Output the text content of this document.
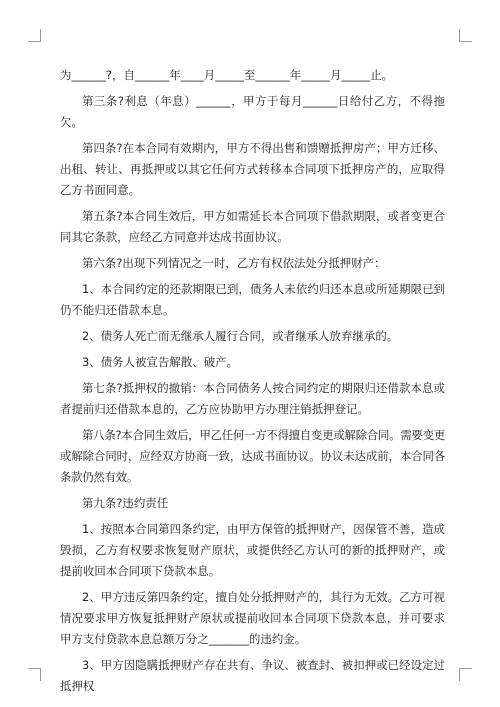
为______?，自______年____月_____至______年_____月_____止。

第三条?利息（年息）______，甲方于每月______日给付乙方，不得拖欠。

第四条?在本合同有效期内，甲方不得出售和馈赠抵押房产；甲方迁移、出租、转让、再抵押或以其它任何方式转移本合同项下抵押房产的，应取得乙方书面同意。

第五条?本合同生效后，甲方如需延长本合同项下借款期限，或者变更合同其它条款，应经乙方同意并达成书面协议。

第六条?出现下列情况之一时，乙方有权依法处分抵押财产：

1、本合同约定的还款期限已到，债务人未依约归还本息或所延期限已到仍不能归还借款本息。

2、债务人死亡而无继承人履行合同，或者继承人放弃继承的。

3、债务人被宣告解散、破产。

第七条?抵押权的撤销：本合同债务人按合同约定的期限归还借款本息或者提前归还借款本息的，乙方应协助甲方办理注销抵押登记。

第八条?本合同生效后，甲乙任何一方不得擅自变更或解除合同。需要变更或解除合同时，应经双方协商一致，达成书面协议。协议未达成前，本合同各条款仍然有效。

第九条?违约责任

1、按照本合同第四条约定，由甲方保管的抵押财产，因保管不善，造成毁损，乙方有权要求恢复财产原状，或提供经乙方认可的新的抵押财产，或提前收回本合同项下贷款本息。

2、甲方违反第四条约定，擅自处分抵押财产的，其行为无效。乙方可视情况要求甲方恢复抵押财产原状或提前收回本合同项下贷款本息，并可要求甲方支付贷款本息总额万分之_______的违约金。

3、甲方因隐瞒抵押财产存在共有、争议、被查封、被扣押或已经设定过抵押权
